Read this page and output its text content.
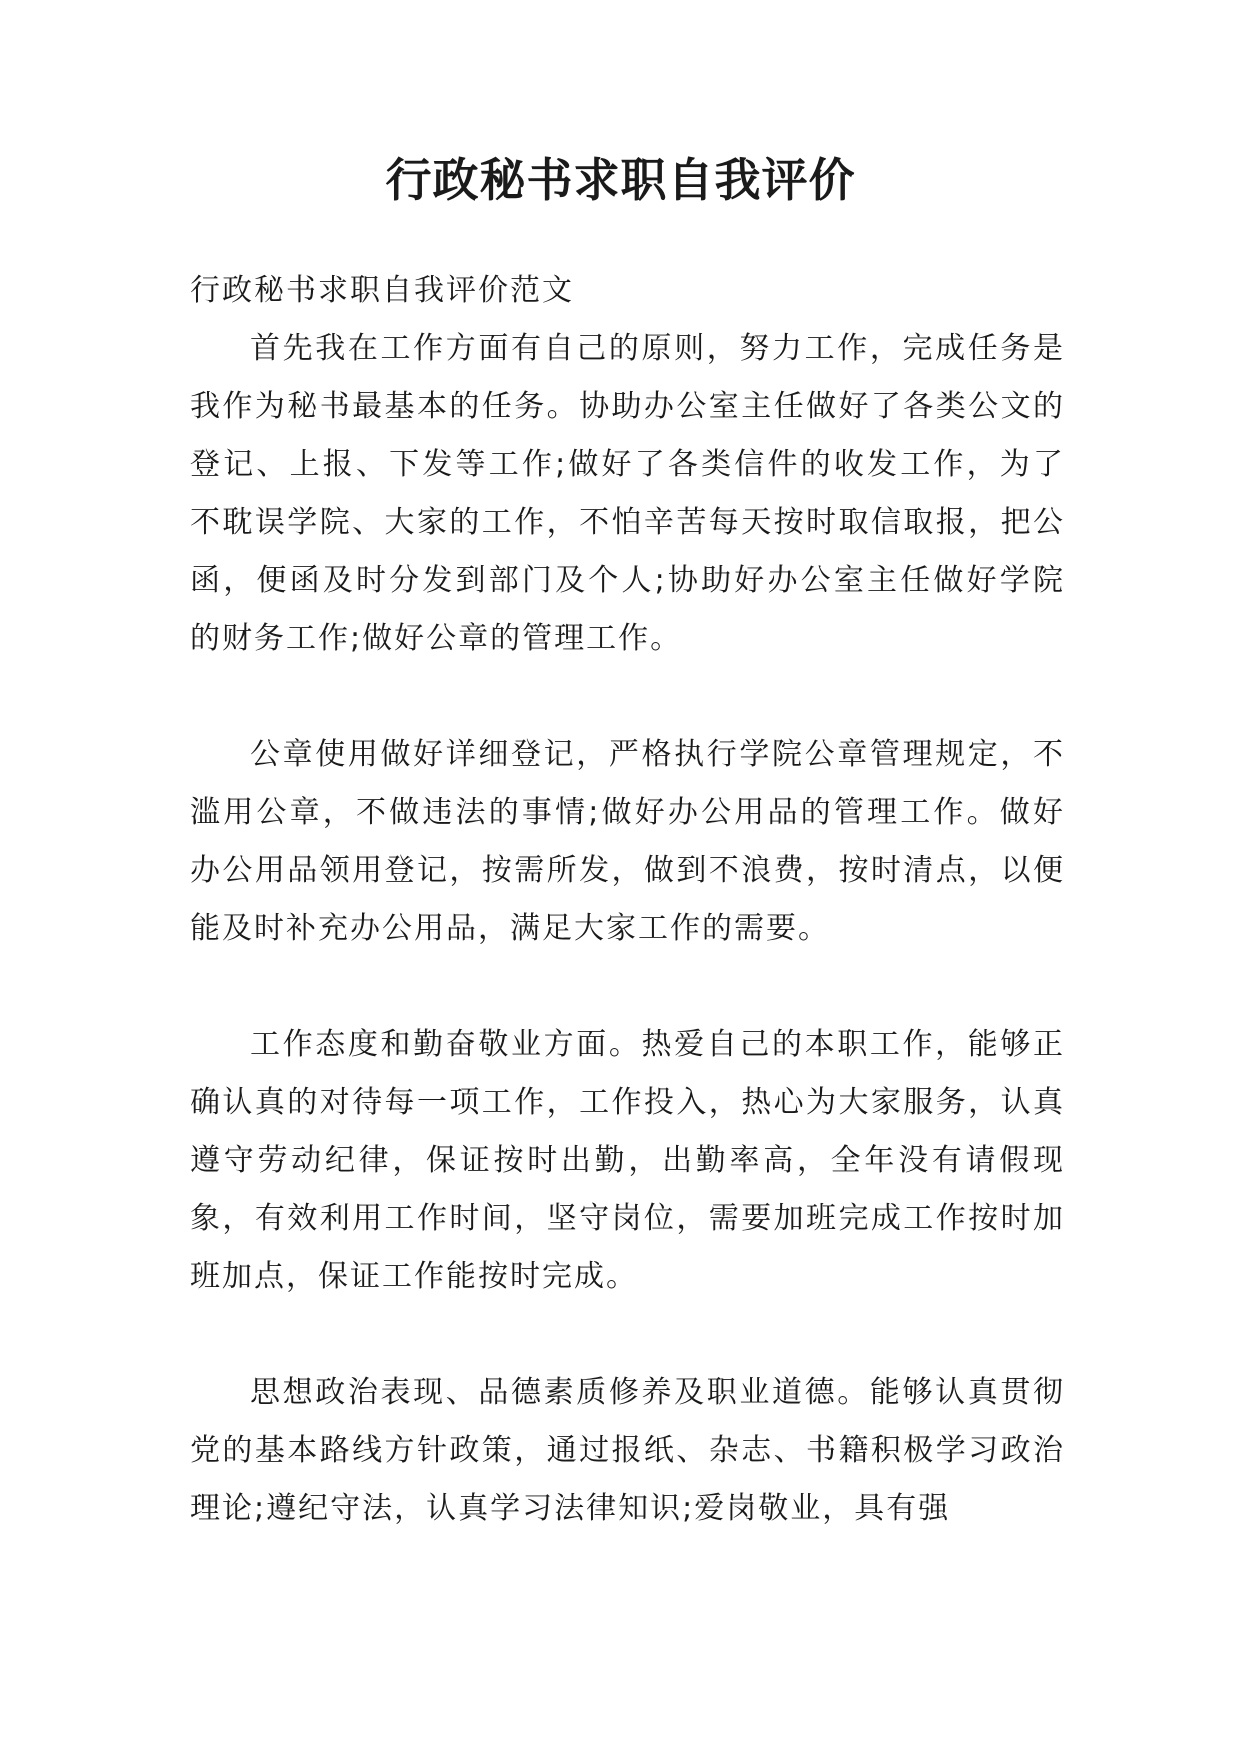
行政秘书求职自我评价

行政秘书求职自我评价范文

首先我在工作方面有自己的原则，努力工作，完成任务是我作为秘书最基本的任务。协助办公室主任做好了各类公文的登记、上报、下发等工作;做好了各类信件的收发工作，为了不耽误学院、大家的工作，不怕辛苦每天按时取信取报，把公函，便函及时分发到部门及个人;协助好办公室主任做好学院的财务工作;做好公章的管理工作。

公章使用做好详细登记，严格执行学院公章管理规定，不滥用公章，不做违法的事情;做好办公用品的管理工作。做好办公用品领用登记，按需所发，做到不浪费，按时清点，以便能及时补充办公用品，满足大家工作的需要。

工作态度和勤奋敬业方面。热爱自己的本职工作，能够正确认真的对待每一项工作，工作投入，热心为大家服务，认真遵守劳动纪律，保证按时出勤，出勤率高，全年没有请假现象，有效利用工作时间，坚守岗位，需要加班完成工作按时加班加点，保证工作能按时完成。

思想政治表现、品德素质修养及职业道德。能够认真贯彻党的基本路线方针政策，通过报纸、杂志、书籍积极学习政治理论;遵纪守法，认真学习法律知识;爱岗敬业，具有强
